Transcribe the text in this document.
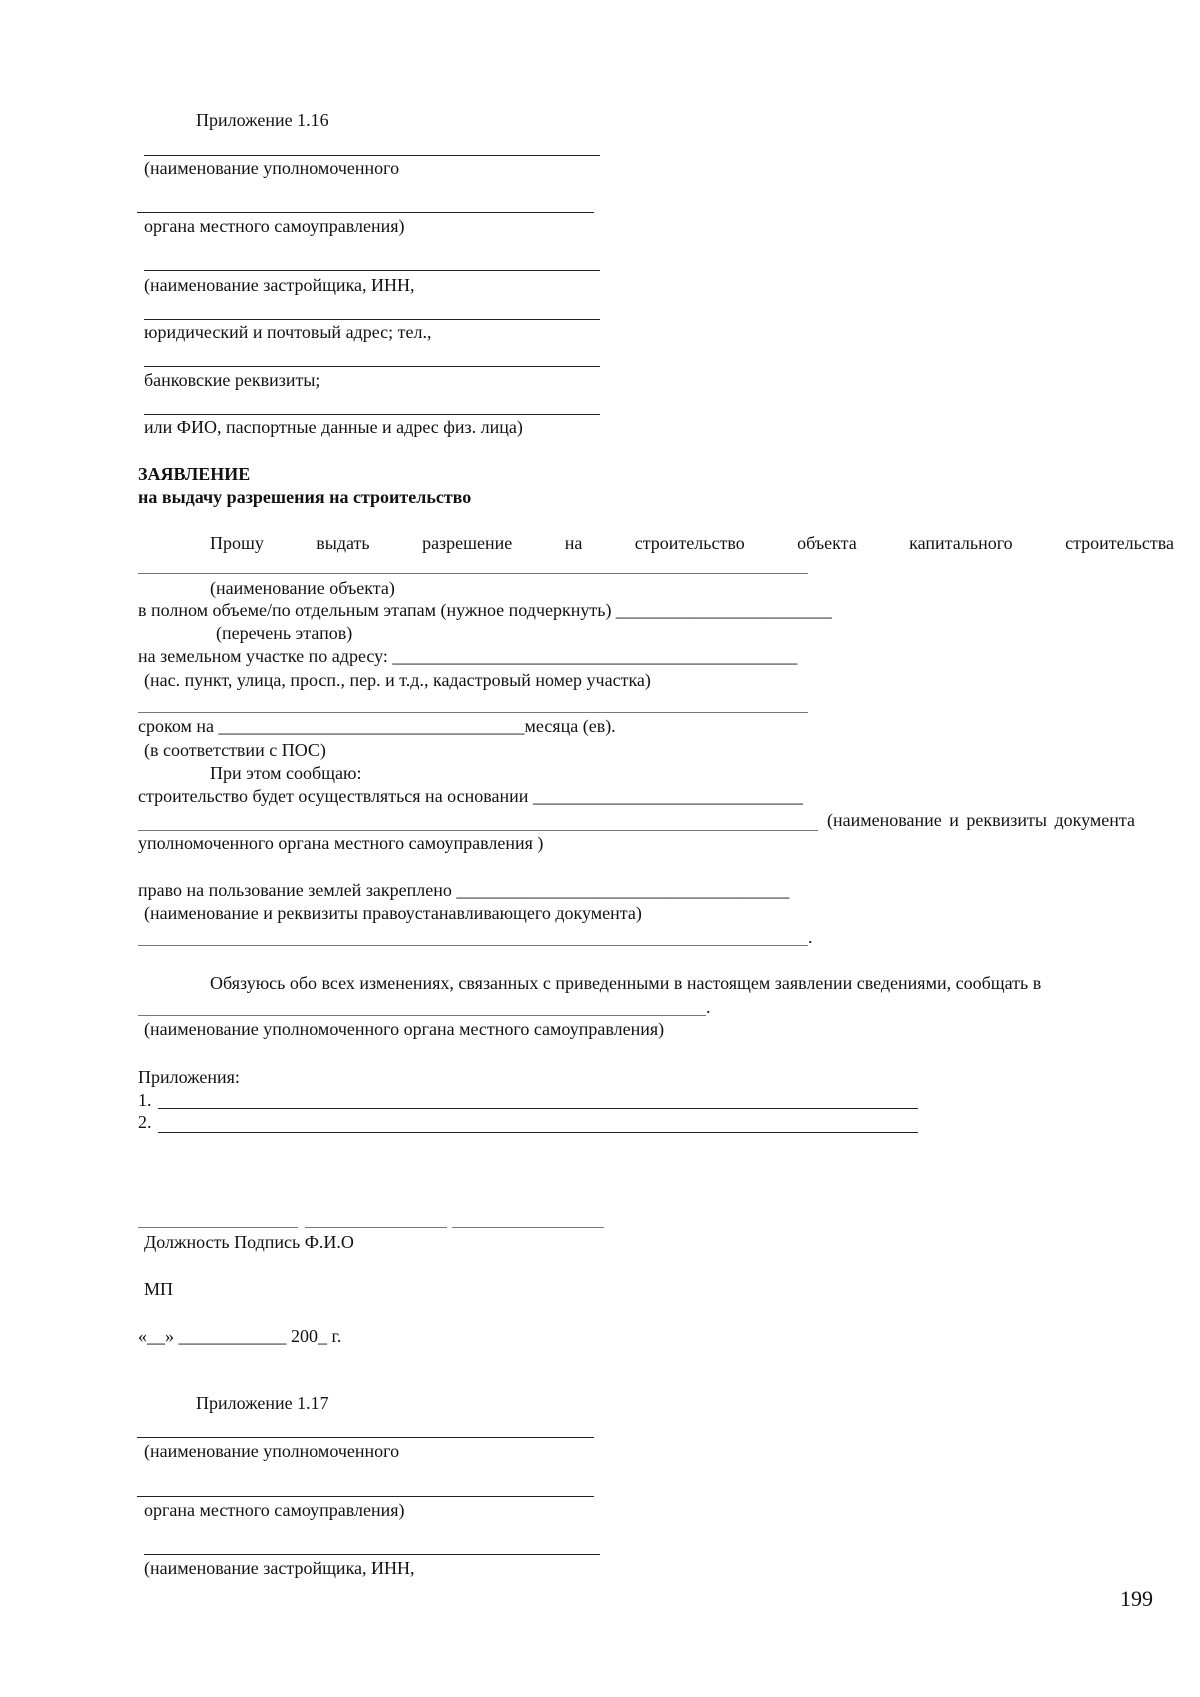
Приложение 1.16
(наименование уполномоченного
органа местного самоуправления)
(наименование застройщика, ИНН,
юридический и почтовый адрес; тел.,
банковские реквизиты;
или ФИО, паспортные данные и адрес физ. лица)
ЗАЯВЛЕНИЕ
на выдачу разрешения на строительство
Прошу	выдать	разрешение	на	строительство	объекта	капитального	строительства
(наименование объекта)
в полном объеме/по отдельным этапам (нужное подчеркнуть) ________________________
(перечень этапов)
на земельном участке по адресу: _____________________________________________
(нас. пункт, улица, просп., пер. и т.д., кадастровый номер участка)
сроком на __________________________________месяца (ев).
(в соответствии с ПОС)
При этом сообщаю:
строительство будет осуществляться на основании ______________________________
(наименование и реквизиты документа
уполномоченного органа местного самоуправления )
право на пользование землей закреплено _____________________________________
(наименование и реквизиты правоустанавливающего документа)
.
Обязуюсь обо всех изменениях, связанных с приведенными в настоящем заявлении сведениями, сообщать в
.
(наименование уполномоченного органа местного самоуправления)
Приложения:
1.
2.
Должность Подпись Ф.И.О
МП
«__» ____________ 200_ г.
Приложение 1.17
(наименование уполномоченного
органа местного самоуправления)
(наименование застройщика, ИНН,
199
